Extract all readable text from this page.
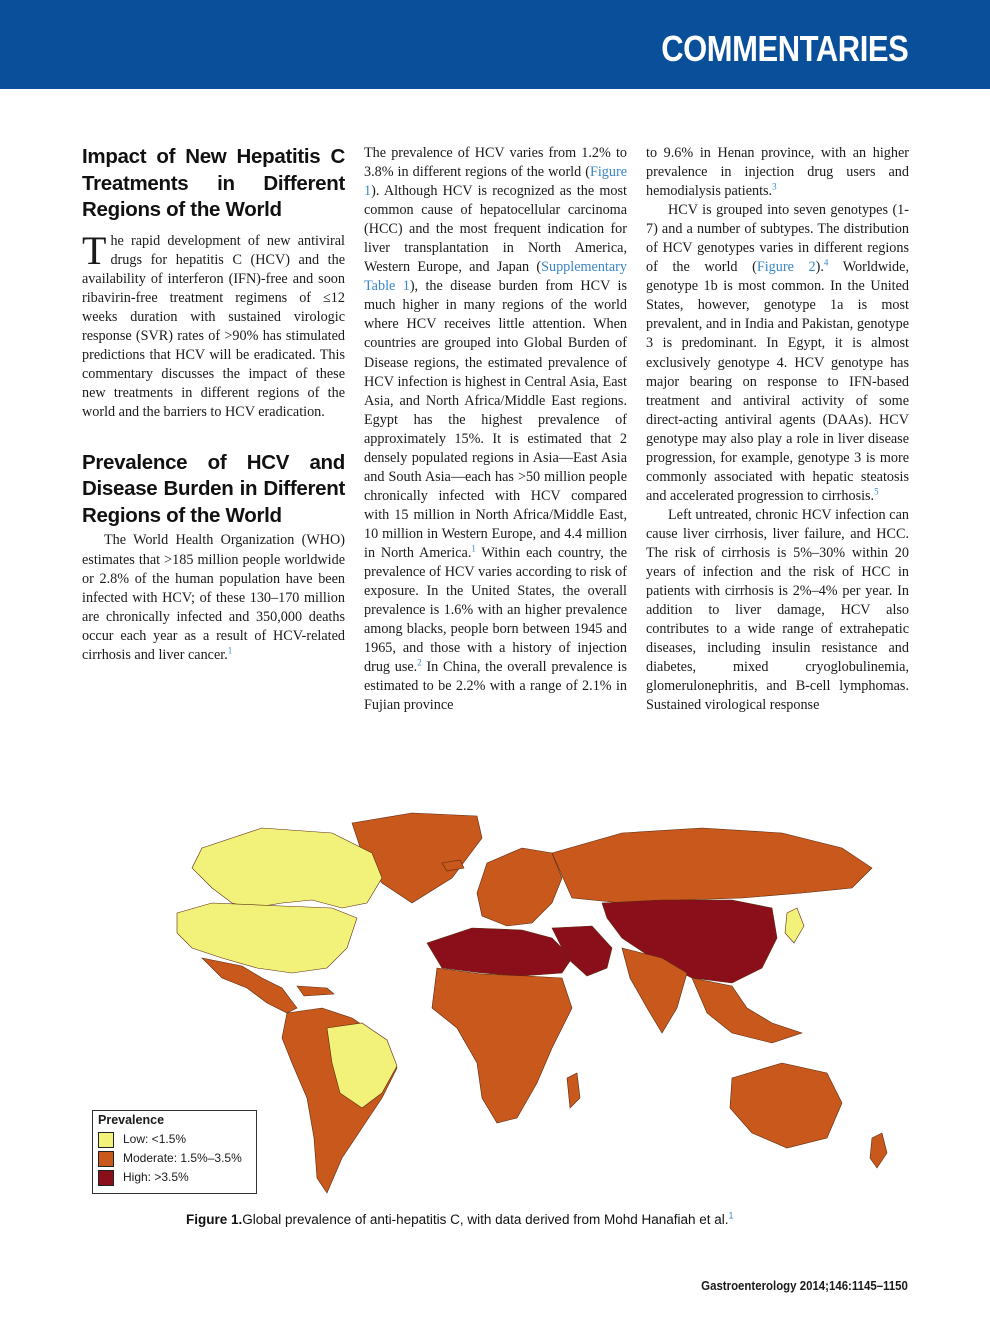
COMMENTARIES
Impact of New Hepatitis C Treatments in Different Regions of the World

The rapid development of new antiviral drugs for hepatitis C (HCV) and the availability of interferon (IFN)-free and soon ribavirin-free treatment regimens of ≤12 weeks duration with sustained virologic response (SVR) rates of >90% has stimulated predictions that HCV will be eradicated. This commentary discusses the impact of these new treatments in different regions of the world and the barriers to HCV eradication.

Prevalence of HCV and Disease Burden in Different Regions of the World

The World Health Organization (WHO) estimates that >185 million people worldwide or 2.8% of the human population have been infected with HCV; of these 130–170 million are chronically infected and 350,000 deaths occur each year as a result of HCV-related cirrhosis and liver cancer.$^1$

The prevalence of HCV varies from 1.2% to 3.8% in different regions of the world (Figure 1). Although HCV is recognized as the most common cause of hepatocellular carcinoma (HCC) and the most frequent indication for liver transplantation in North America, Western Europe, and Japan (Supplementary Table 1), the disease burden from HCV is much higher in many regions of the world where HCV receives little attention. When countries are grouped into Global Burden of Disease regions, the estimated prevalence of HCV infection is highest in Central Asia, East Asia, and North Africa/Middle East regions. Egypt has the highest prevalence of approximately 15%. It is estimated that 2 densely populated regions in Asia—East Asia and South Asia—each has >50 million people chronically infected with HCV compared with 15 million in North Africa/Middle East, 10 million in Western Europe, and 4.4 million in North America.$^1$ Within each country, the prevalence of HCV varies according to risk of exposure. In the United States, the overall prevalence is 1.6% with an higher prevalence among blacks, people born between 1945 and 1965, and those with a history of injection drug use.$^2$ In China, the overall prevalence is estimated to be 2.2% with a range of 2.1% in Fujian province

to 9.6% in Henan province, with an higher prevalence in injection drug users and hemodialysis patients.$^3$

HCV is grouped into seven genotypes (1-7) and a number of subtypes. The distribution of HCV genotypes varies in different regions of the world (Figure 2).$^4$ Worldwide, genotype 1b is most common. In the United States, however, genotype 1a is most prevalent, and in India and Pakistan, genotype 3 is predominant. In Egypt, it is almost exclusively genotype 4. HCV genotype has major bearing on response to IFN-based treatment and antiviral activity of some direct-acting antiviral agents (DAAs). HCV genotype may also play a role in liver disease progression, for example, genotype 3 is more commonly associated with hepatic steatosis and accelerated progression to cirrhosis.$^5$

Left untreated, chronic HCV infection can cause liver cirrhosis, liver failure, and HCC. The risk of cirrhosis is 5%–30% within 20 years of infection and the risk of HCC in patients with cirrhosis is 2%–4% per year. In addition to liver damage, HCV also contributes to a wide range of extrahepatic diseases, including insulin resistance and diabetes, mixed cryoglobulinemia, glomerulonephritis, and B-cell lymphomas. Sustained virological response

Prevalence
Low: <1.5%
Moderate: 1.5%–3.5%
High: >3.5%
Figure 1.Global prevalence of anti-hepatitis C, with data derived from Mohd Hanafiah et al.$^1$
Gastroenterology 2014;146:1145–1150
